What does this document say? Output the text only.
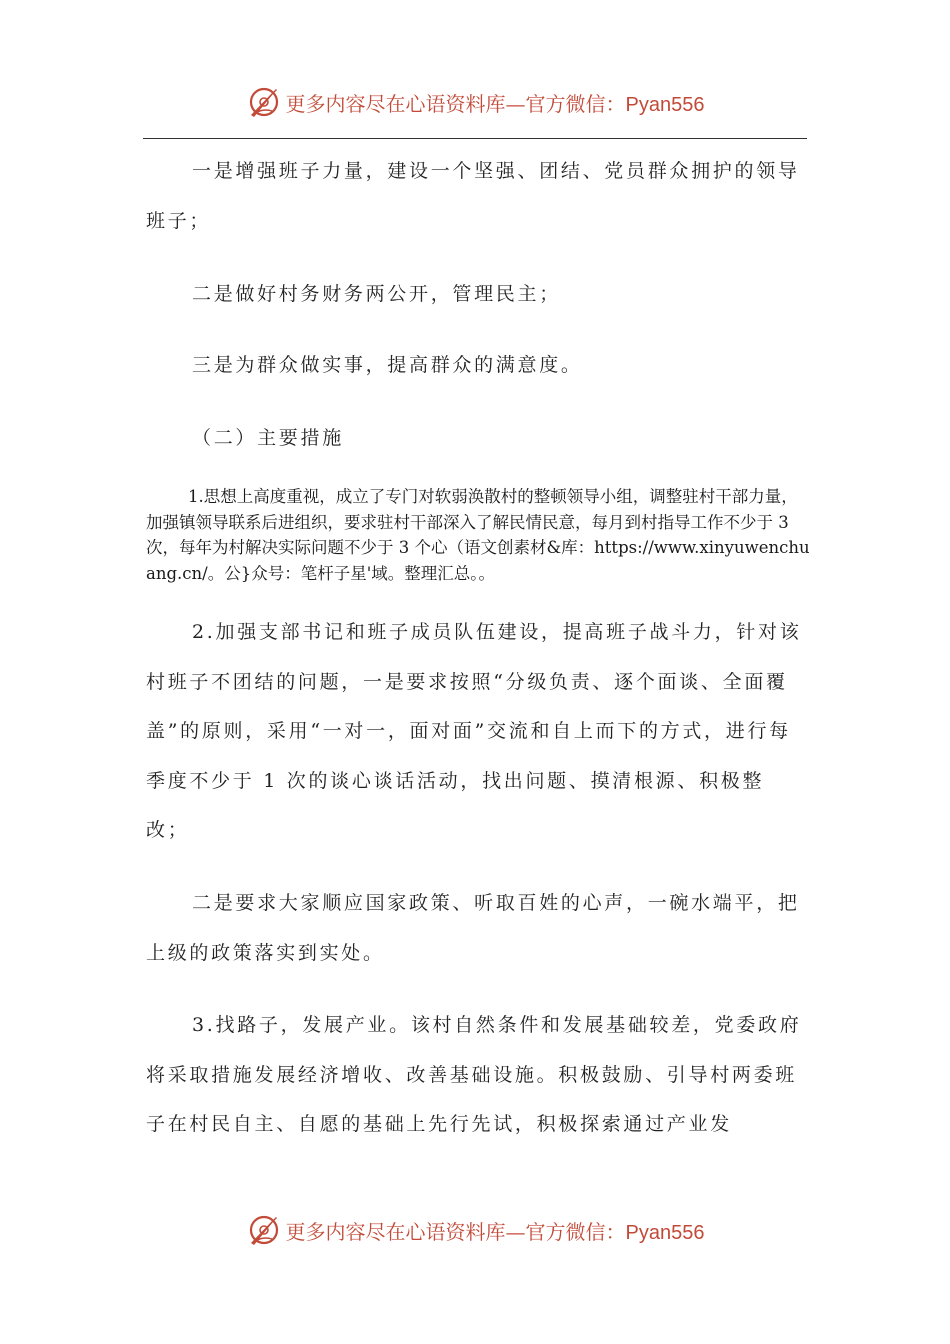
更多内容尽在心语资料库—官方微信：Pyan556

一是增强班子力量，建设一个坚强、团结、党员群众拥护的领导班子；

二是做好村务财务两公开，管理民主；

三是为群众做实事，提高群众的满意度。

（二）主要措施

1.思想上高度重视，成立了专门对软弱涣散村的整顿领导小组，调整驻村干部力量，加强镇领导联系后进组织，要求驻村干部深入了解民情民意，每月到村指导工作不少于 3 次，每年为村解决实际问题不少于 3 个心（语文创素材&库：https://www.xinyuwenchuang.cn/。公}众号：笔杆子星'域。整理汇总。。

2.加强支部书记和班子成员队伍建设，提高班子战斗力，针对该村班子不团结的问题，一是要求按照“分级负责、逐个面谈、全面覆盖”的原则，采用“一对一，面对面”交流和自上而下的方式，进行每季度不少于 1 次的谈心谈话活动，找出问题、摸清根源、积极整改；

二是要求大家顺应国家政策、听取百姓的心声，一碗水端平，把上级的政策落实到实处。

3.找路子，发展产业。该村自然条件和发展基础较差，党委政府将采取措施发展经济增收、改善基础设施。积极鼓励、引导村两委班子在村民自主、自愿的基础上先行先试，积极探索通过产业发

更多内容尽在心语资料库—官方微信：Pyan556
